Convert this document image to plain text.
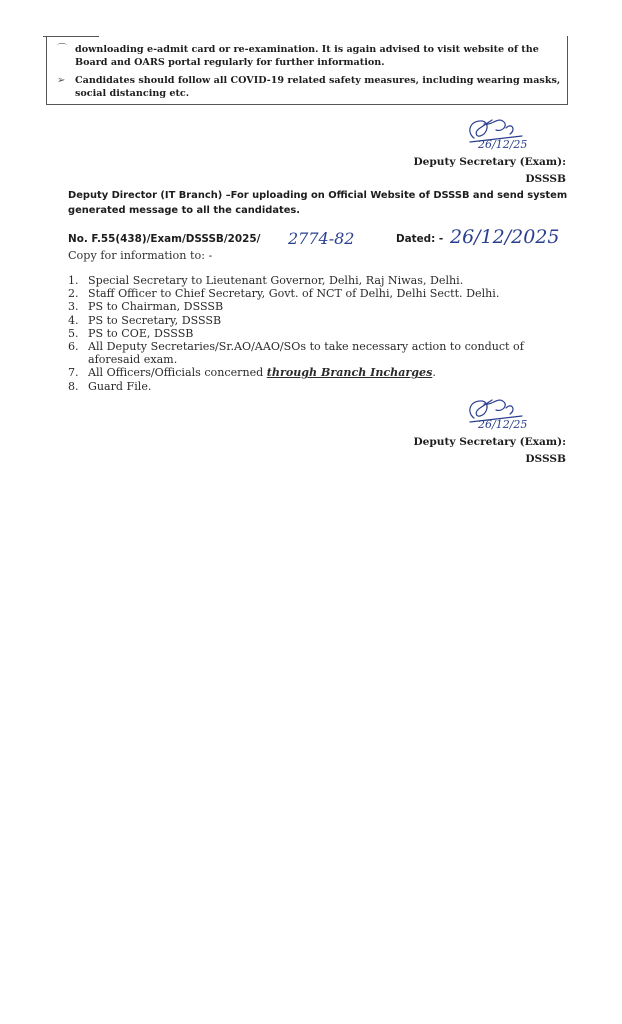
⌒ downloading e-admit card or re-examination. It is again advised to visit website of the Board and OARS portal regularly for further information.
➢ Candidates should follow all COVID-19 related safety measures, including wearing masks, social distancing etc.
26/12/25
Deputy Secretary (Exam):
DSSSB
Deputy Director (IT Branch) –For uploading on Official Website of DSSSB and send system generated message to all the candidates.
No. F.55(438)/Exam/DSSSB/2025/ 2774-82	Dated: - 26/12/2025
Copy for information to: -
1. Special Secretary to Lieutenant Governor, Delhi, Raj Niwas, Delhi.
2. Staff Officer to Chief Secretary, Govt. of NCT of Delhi, Delhi Sectt. Delhi.
3. PS to Chairman, DSSSB
4. PS to Secretary, DSSSB
5. PS to COE, DSSSB
6. All Deputy Secretaries/Sr.AO/AAO/SOs to take necessary action to conduct of aforesaid exam.
7. All Officers/Officials concerned through Branch Incharges.
8. Guard File.
26/12/25
Deputy Secretary (Exam):
DSSSB
